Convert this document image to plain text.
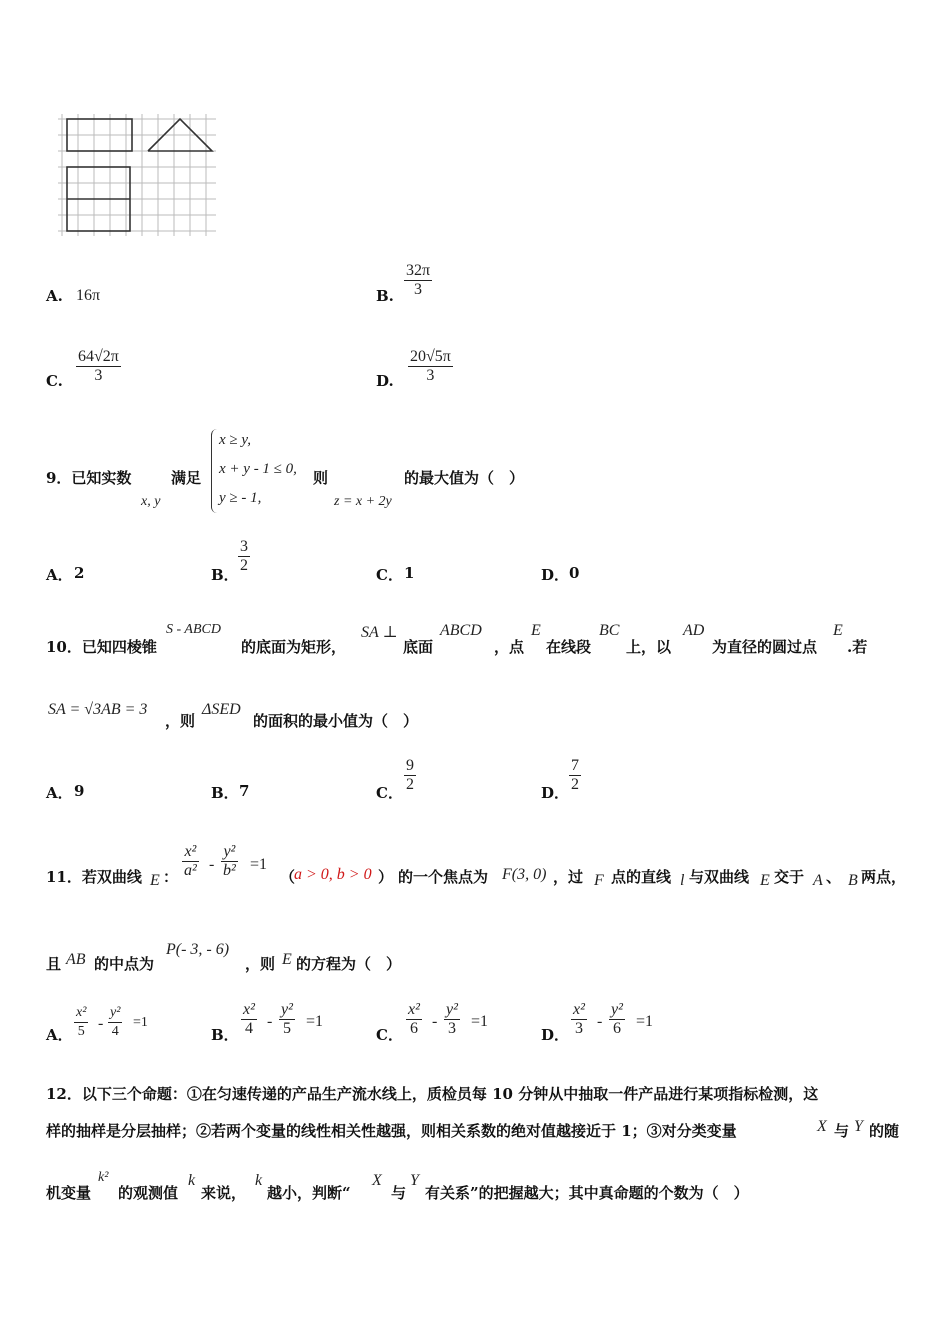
A. 16π	B.
32π
3
C.
64√2π
3	D.
20√5π
3
9．已知实数
x, y
满足
x ≥ y,
x + y - 1 ≤ 0,
y ≥ - 1,
则
z = x + 2y
的最大值为（　）
A． 2	B．
3
2
C． 1	D． 0
10．已知四棱锥
S - ABCD
的底面为矩形，
SA ⊥
底面
ABCD
，点
E
在线段
BC
上，以
AD
为直径的圆过点
E
.若
SA = √3AB = 3
，则
ΔSED
的面积的最小值为（　）
A． 9	B． 7	C．
9
2	D．
7
2
11．若双曲线 E ：
x²
a² -
y²
b² =1
（
a > 0, b > 0 ） 的一个焦点为 F(3, 0) ，过 F 点的直线 l 与双曲线 E 交于 A 、 B 两点，
且 AB 的中点为
P(- 3, - 6)
，则 E 的方程为（　）
A．
x²
5 -
y²
4
=1
B．
x²
4 -
y²
5 =1
C．
x²
6 -
y²
3 =1
D．
x²
3 -
y²
6 =1
12．以下三个命题：①在匀速传递的产品生产流水线上，质检员每 10 分钟从中抽取一件产品进行某项指标检测，这
样的抽样是分层抽样；②若两个变量的线性相关性越强，则相关系数的绝对值越接近于 1；③对分类变量	X 与 Y 的随
机变量
k²
的观测值
k
来说，
k
越小，判断“
X
与
Y
有关系”的把握越大；其中真命题的个数为（　）
